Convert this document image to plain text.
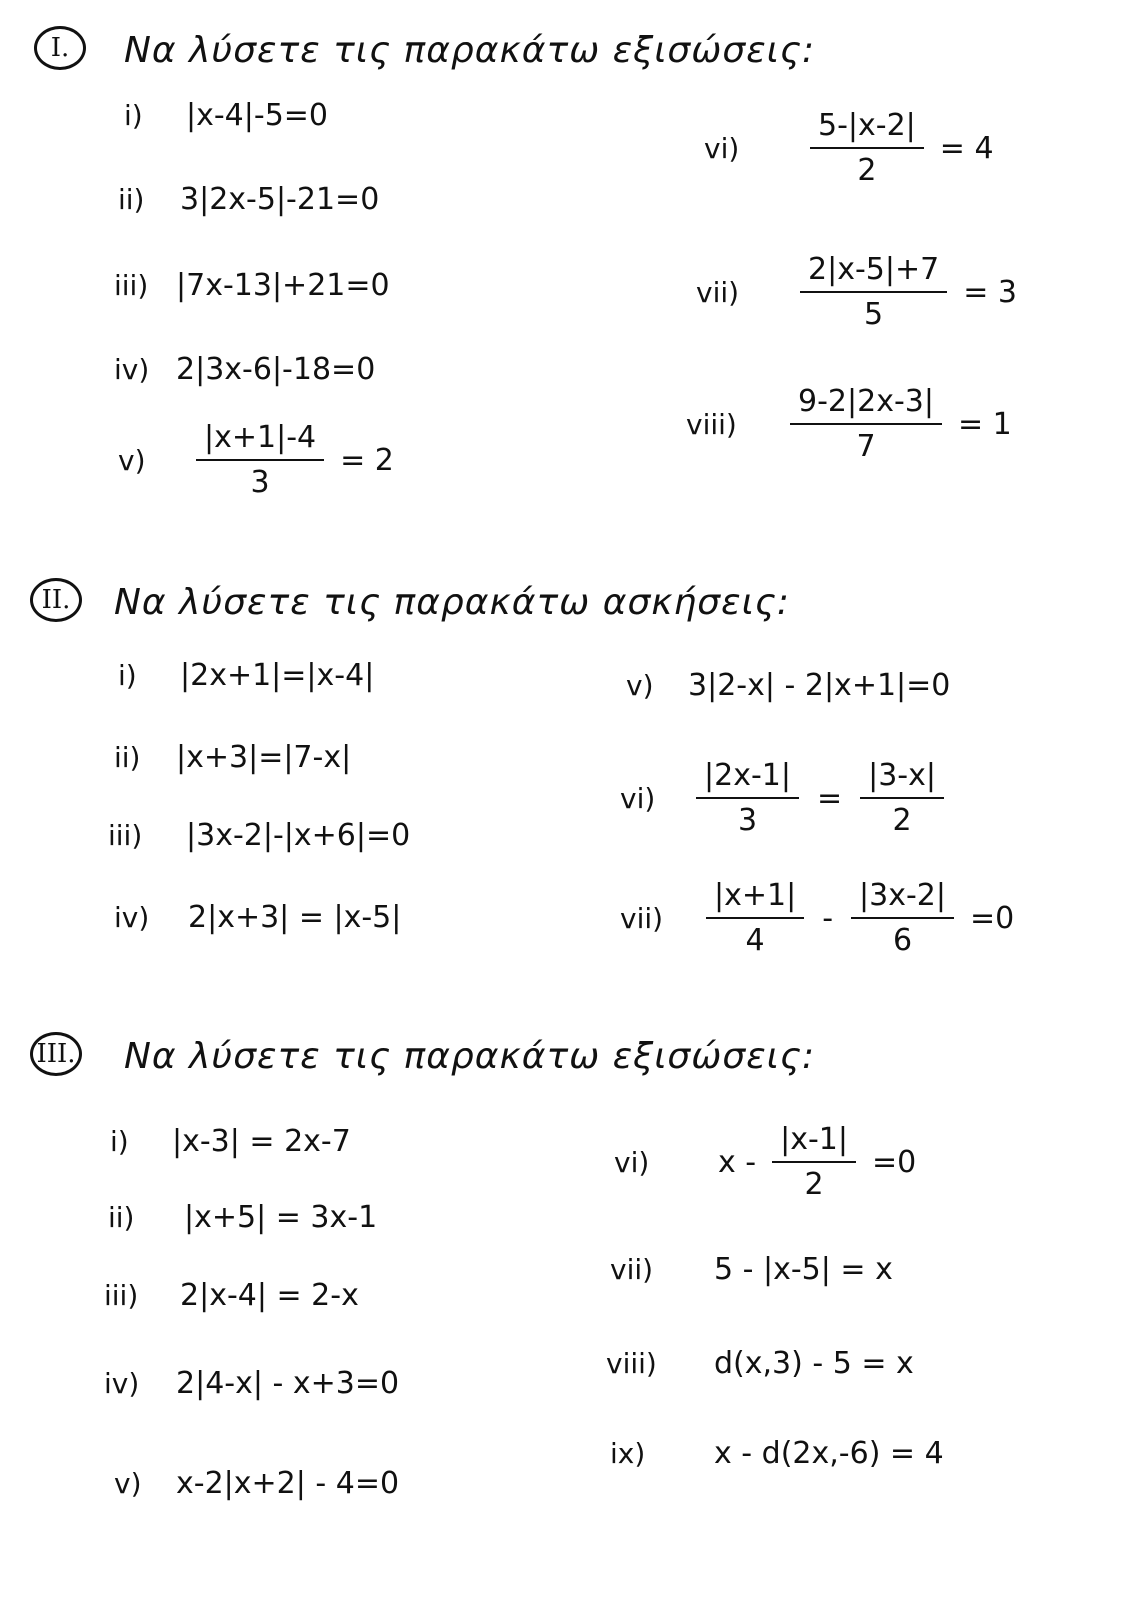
I.	Να λύσετε τις παρακάτω εξισώσεις:
i)	|x-4|-5=0
ii)	3|2x-5|-21=0
iii) |7x-13|+21=0
iv) 2|3x-6|-18=0
v)	$\frac{|x+1|-4}{3} = 2$
vi)	$\frac{5-|x-2|}{2} = 4$
vii)	$\frac{2|x-5|+7}{5} = 3$
viii)	$\frac{9-2|2x-3|}{7} = 1$
II.	Να λύσετε τις παρακάτω ασκήσεις:
i)	|2x+1|=|x-4|
ii)	|x+3|=|7-x|
iii)	|3x-2|-|x+6|=0
iv)	2|x+3| = |x-5|
v)	3|2-x| - 2|x+1|=0
vi)	$\frac{|2x-1|}{3} = \frac{|3-x|}{2}$
vii)	$\frac{|x+1|}{4} - \frac{|3x-2|}{6} =0$
III. Να λύσετε τις παρακάτω εξισώσεις:
i)	|x-3| = 2x-7
ii)	|x+5| = 3x-1
iii)	2|x-4| = 2-x
iv)	2|4-x| - x+3=0
v)	x-2|x+2| - 4=0
vi)	$x - \frac{|x-1|}{2} =0$
vii)	5 - |x-5| = x
viii)	d(x,3) - 5 = x
ix)	x - d(2x,-6) = 4
